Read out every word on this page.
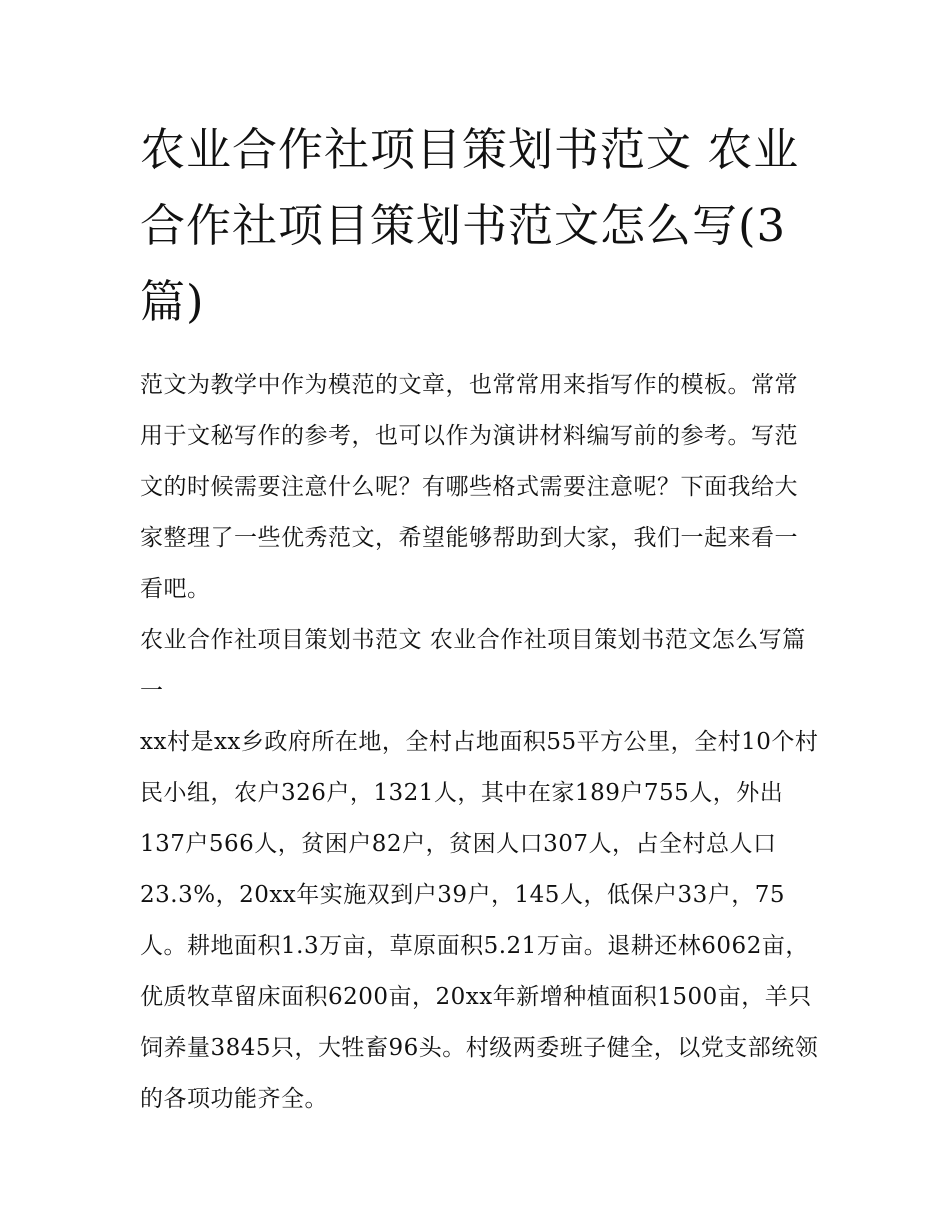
农业合作社项目策划书范文 农业合作社项目策划书范文怎么写(3篇)

范文为教学中作为模范的文章，也常常用来指写作的模板。常常用于文秘写作的参考，也可以作为演讲材料编写前的参考。写范文的时候需要注意什么呢？有哪些格式需要注意呢？下面我给大家整理了一些优秀范文，希望能够帮助到大家，我们一起来看一看吧。

农业合作社项目策划书范文 农业合作社项目策划书范文怎么写篇一

xx村是xx乡政府所在地，全村占地面积55平方公里，全村10个村民小组，农户326户，1321人，其中在家189户755人，外出137户566人，贫困户82户，贫困人口307人，占全村总人口23.3%，20xx年实施双到户39户，145人，低保户33户，75人。耕地面积1.3万亩，草原面积5.21万亩。退耕还林6062亩，优质牧草留床面积6200亩，20xx年新增种植面积1500亩，羊只饲养量3845只，大牲畜96头。村级两委班子健全，以党支部统领的各项功能齐全。
